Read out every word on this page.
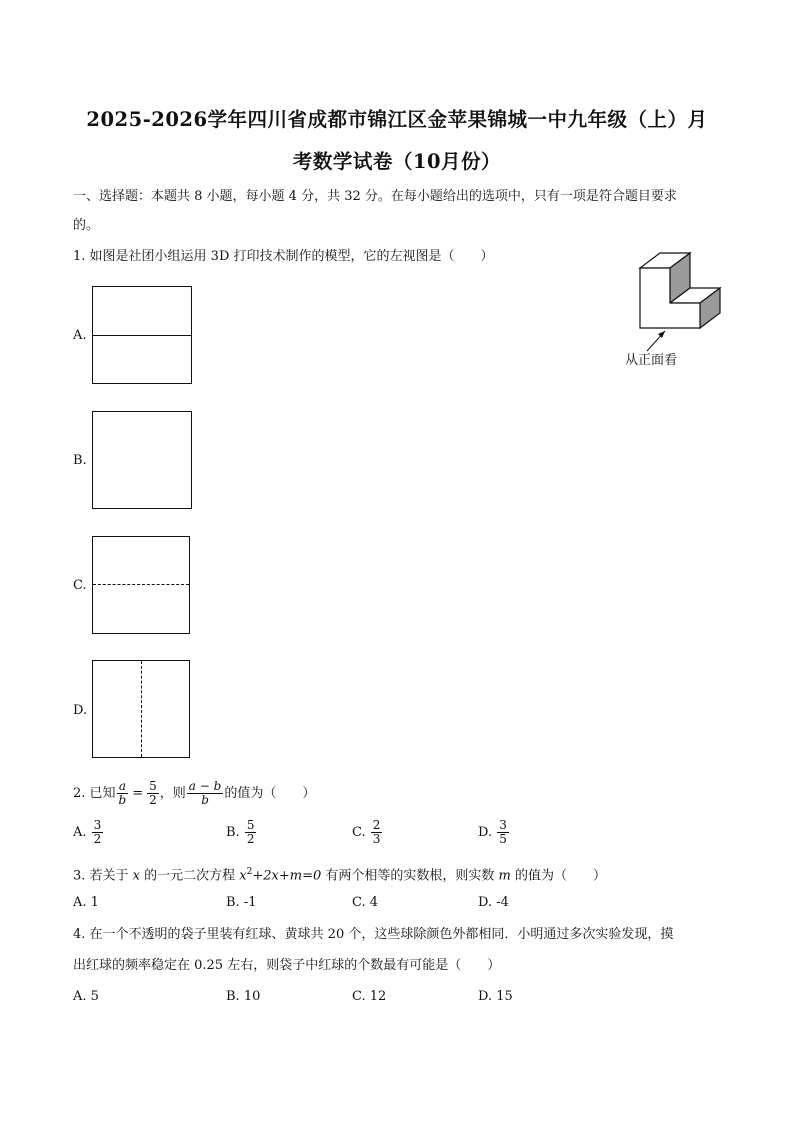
2025-2026学年四川省成都市锦江区金苹果锦城一中九年级（上）月
考数学试卷（10月份）
一、选择题：本题共 8 小题，每小题 4 分，共 32 分。在每小题给出的选项中，只有一项是符合题目要求
的。
1. 如图是社团小组运用 3D 打印技术制作的模型，它的左视图是（　　）
从正面看
A.
B.
C.
D.
2. 已知 $\frac{a}{b} = \frac{5}{2}$ ，则 $\frac{a - b}{b}$ 的值为（　　）
A. $\frac{3}{2}$	B. $\frac{5}{2}$	C. $\frac{2}{3}$	D. $\frac{3}{5}$
3. 若关于 x 的一元二次方程 $x^2+2x+m=0$ 有两个相等的实数根，则实数 m 的值为（　　）
A. 1	B. -1	C. 4	D. -4
4. 在一个不透明的袋子里装有红球、黄球共 20 个，这些球除颜色外都相同．小明通过多次实验发现，摸
出红球的频率稳定在 0.25 左右，则袋子中红球的个数最有可能是（　　）
A. 5	B. 10	C. 12	D. 15
